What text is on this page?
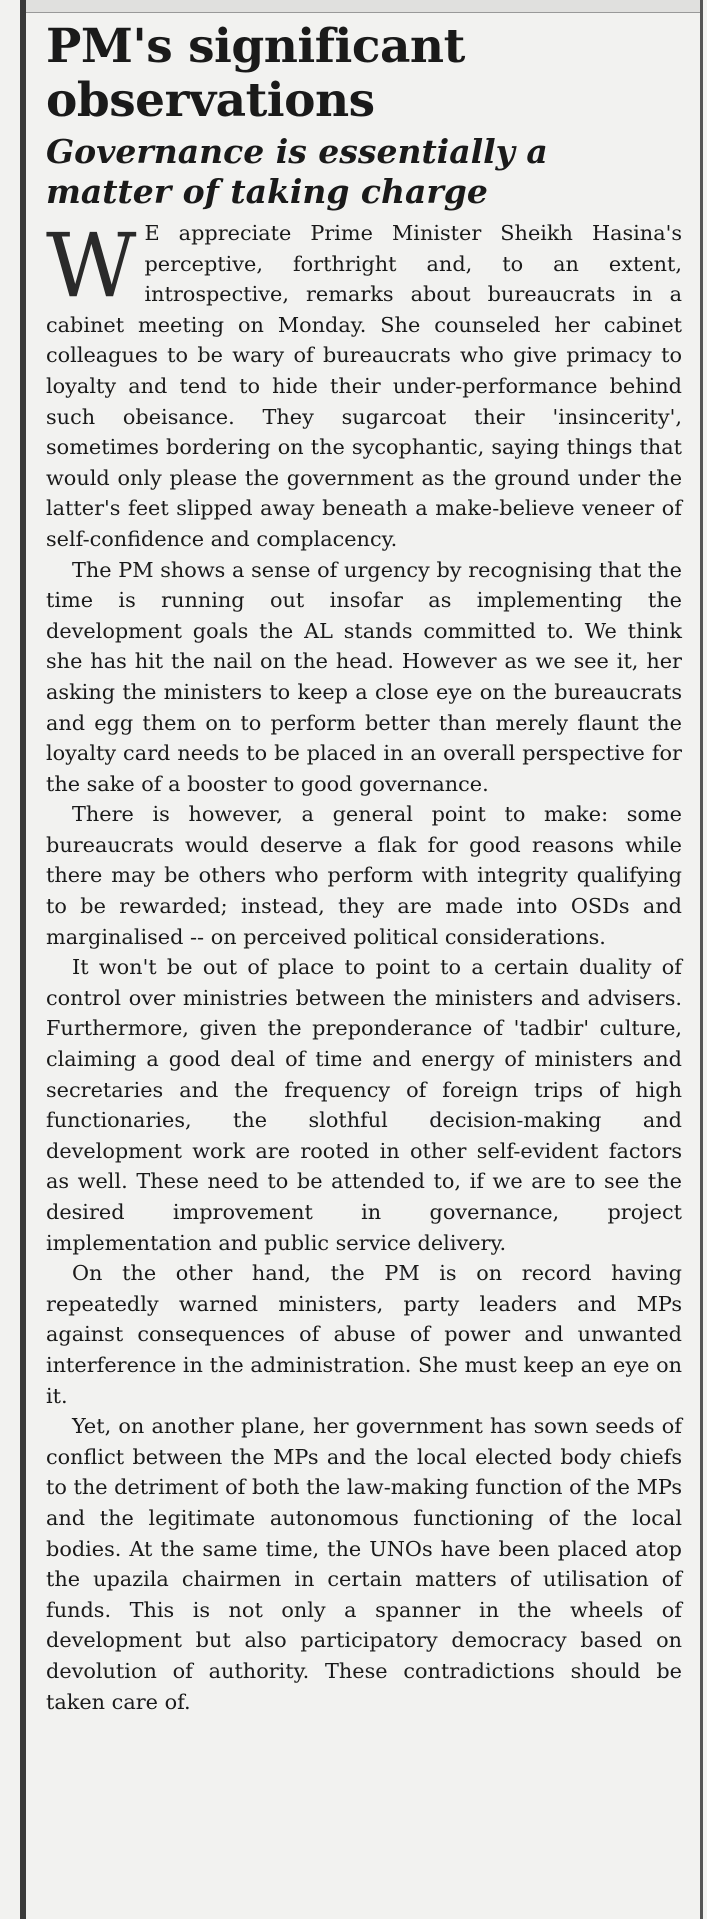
PM's significant observations
Governance is essentially a matter of taking charge

W E appreciate Prime Minister Sheikh Hasina's perceptive, forthright and, to an extent, introspective, remarks about bureaucrats in a cabinet meeting on Monday. She counseled her cabinet colleagues to be wary of bureaucrats who give primacy to loyalty and tend to hide their under-performance behind such obeisance. They sugarcoat their 'insincerity', sometimes bordering on the sycophantic, saying things that would only please the government as the ground under the latter's feet slipped away beneath a make-believe veneer of self-confidence and complacency.

The PM shows a sense of urgency by recognising that the time is running out insofar as implementing the development goals the AL stands committed to. We think she has hit the nail on the head. However as we see it, her asking the ministers to keep a close eye on the bureaucrats and egg them on to perform better than merely flaunt the loyalty card needs to be placed in an overall perspective for the sake of a booster to good governance.

There is however, a general point to make: some bureaucrats would deserve a flak for good reasons while there may be others who perform with integrity qualifying to be rewarded; instead, they are made into OSDs and marginalised -- on perceived political considerations.

It won't be out of place to point to a certain duality of control over ministries between the ministers and advisers. Furthermore, given the preponderance of 'tadbir' culture, claiming a good deal of time and energy of ministers and secretaries and the frequency of foreign trips of high functionaries, the slothful decision-making and development work are rooted in other self-evident factors as well. These need to be attended to, if we are to see the desired improvement in governance, project implementation and public service delivery.

On the other hand, the PM is on record having repeatedly warned ministers, party leaders and MPs against consequences of abuse of power and unwanted interference in the administration. She must keep an eye on it.

Yet, on another plane, her government has sown seeds of conflict between the MPs and the local elected body chiefs to the detriment of both the law-making function of the MPs and the legitimate autonomous functioning of the local bodies. At the same time, the UNOs have been placed atop the upazila chairmen in certain matters of utilisation of funds. This is not only a spanner in the wheels of development but also participatory democracy based on devolution of authority. These contradictions should be taken care of.
